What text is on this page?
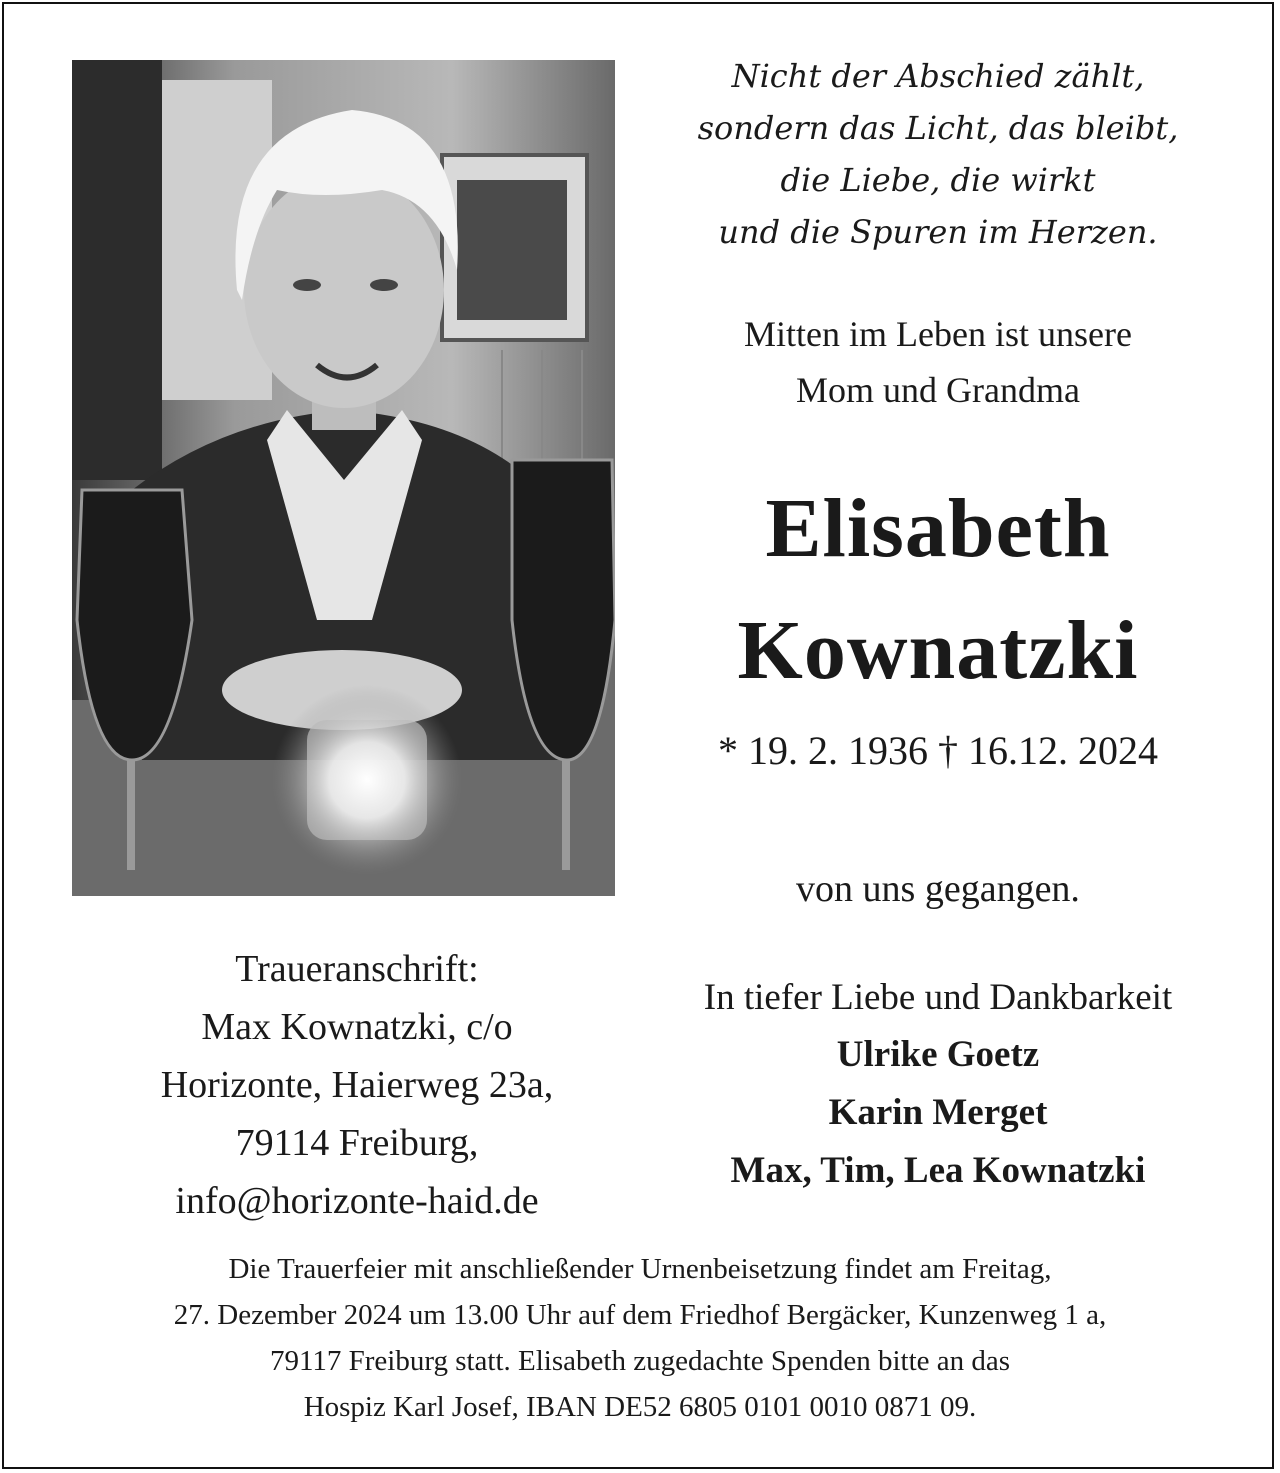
Nicht der Abschied zählt,
sondern das Licht, das bleibt,
die Liebe, die wirkt
und die Spuren im Herzen.
Mitten im Leben ist unsere
Mom und Grandma
Elisabeth
Kownatzki
* 19. 2. 1936 † 16.12. 2024
von uns gegangen.
In tiefer Liebe und Dankbarkeit
Ulrike Goetz
Karin Merget
Max, Tim, Lea Kownatzki
Traueranschrift:
Max Kownatzki, c/o
Horizonte, Haierweg 23a,
79114 Freiburg,
info@horizonte-haid.de
Die Trauerfeier mit anschließender Urnenbeisetzung findet am Freitag,
27. Dezember 2024 um 13.00 Uhr auf dem Friedhof Bergäcker, Kunzenweg 1 a,
79117 Freiburg statt. Elisabeth zugedachte Spenden bitte an das
Hospiz Karl Josef, IBAN DE52 6805 0101 0010 0871 09.
